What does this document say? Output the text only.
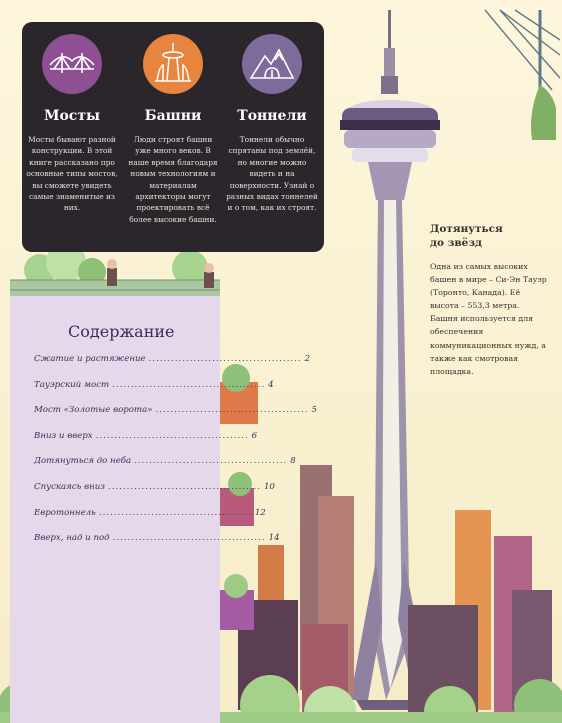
Мосты

Мосты бывают разной конструкции. В этой книге рассказано про основные типы мостов, вы сможете увидеть самые знаменитые из них.

Башни

Люди строят башни уже много веков. В наше время благодаря новым технологиям и материалам архитекторы могут проектировать всё более высокие башни.

Тоннели

Тоннели обычно спрятаны под землёй, но многие можно видеть и на поверхности. Узнай о разных видах тоннелей и о том, как их строят.

Содержание
Сжатие и растяжение ......................................... 2
Тауэрский мост ......................................... 4
Мост «Золотые ворота» ......................................... 5
Вниз и вверх ......................................... 6
Дотянуться до неба ......................................... 8
Спускаясь вниз ......................................... 10
Евротоннель ......................................... 12
Вверх, над и под ......................................... 14
Дотянуться до звёзд

Одна из самых высоких башен в мире – Си-Эн Тауэр (Торонто, Канада). Её высота – 553,3 метра. Башня используется для обеспечения коммуникационных нужд, а также как смотровая площадка.
